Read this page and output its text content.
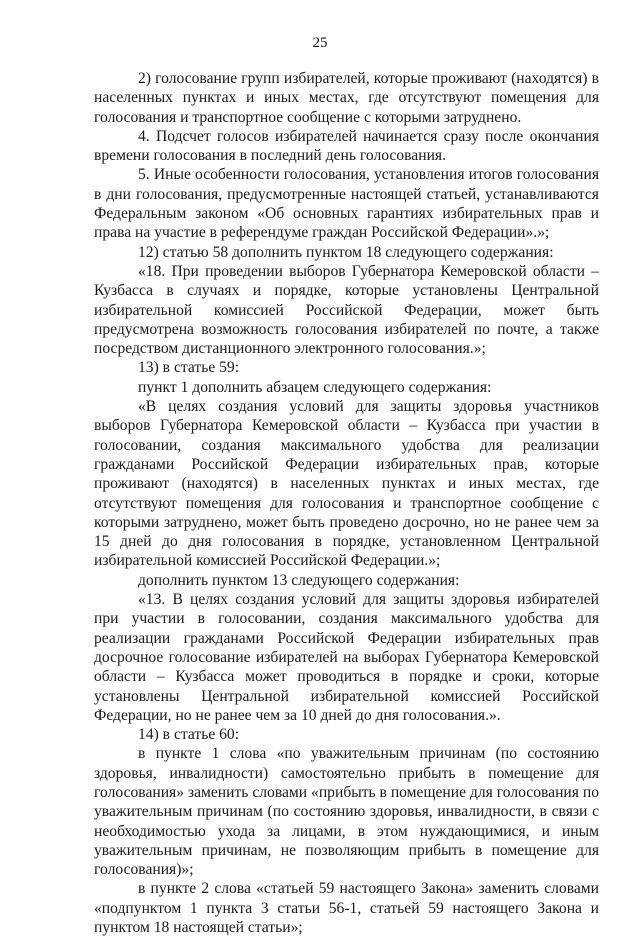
25

2) голосование групп избирателей, которые проживают (находятся) в населенных пунктах и иных местах, где отсутствуют помещения для голосования и транспортное сообщение с которыми затруднено.

4. Подсчет голосов избирателей начинается сразу после окончания времени голосования в последний день голосования.

5. Иные особенности голосования, установления итогов голосования в дни голосования, предусмотренные настоящей статьей, устанавливаются Федеральным законом «Об основных гарантиях избирательных прав и права на участие в референдуме граждан Российской Федерации».»;

12) статью 58 дополнить пунктом 18 следующего содержания:

«18. При проведении выборов Губернатора Кемеровской области – Кузбасса в случаях и порядке, которые установлены Центральной избирательной комиссией Российской Федерации, может быть предусмотрена возможность голосования избирателей по почте, а также посредством дистанционного электронного голосования.»;

13) в статье 59:

пункт 1 дополнить абзацем следующего содержания:

«В целях создания условий для защиты здоровья участников выборов Губернатора Кемеровской области – Кузбасса при участии в голосовании, создания максимального удобства для реализации гражданами Российской Федерации избирательных прав, которые проживают (находятся) в населенных пунктах и иных местах, где отсутствуют помещения для голосования и транспортное сообщение с которыми затруднено, может быть проведено досрочно, но не ранее чем за 15 дней до дня голосования в порядке, установленном Центральной избирательной комиссией Российской Федерации.»;

дополнить пунктом 13 следующего содержания:

«13. В целях создания условий для защиты здоровья избирателей при участии в голосовании, создания максимального удобства для реализации гражданами Российской Федерации избирательных прав досрочное голосование избирателей на выборах Губернатора Кемеровской области – Кузбасса может проводиться в порядке и сроки, которые установлены Центральной избирательной комиссией Российской Федерации, но не ранее чем за 10 дней до дня голосования.».

14) в статье 60:

в пункте 1 слова «по уважительным причинам (по состоянию здоровья, инвалидности) самостоятельно прибыть в помещение для голосования» заменить словами «прибыть в помещение для голосования по уважительным причинам (по состоянию здоровья, инвалидности, в связи с необходимостью ухода за лицами, в этом нуждающимися, и иным уважительным причинам, не позволяющим прибыть в помещение для голосования)»;

в пункте 2 слова «статьей 59 настоящего Закона» заменить словами «подпунктом 1 пункта 3 статьи 56-1, статьей 59 настоящего Закона и пунктом 18 настоящей статьи»;
